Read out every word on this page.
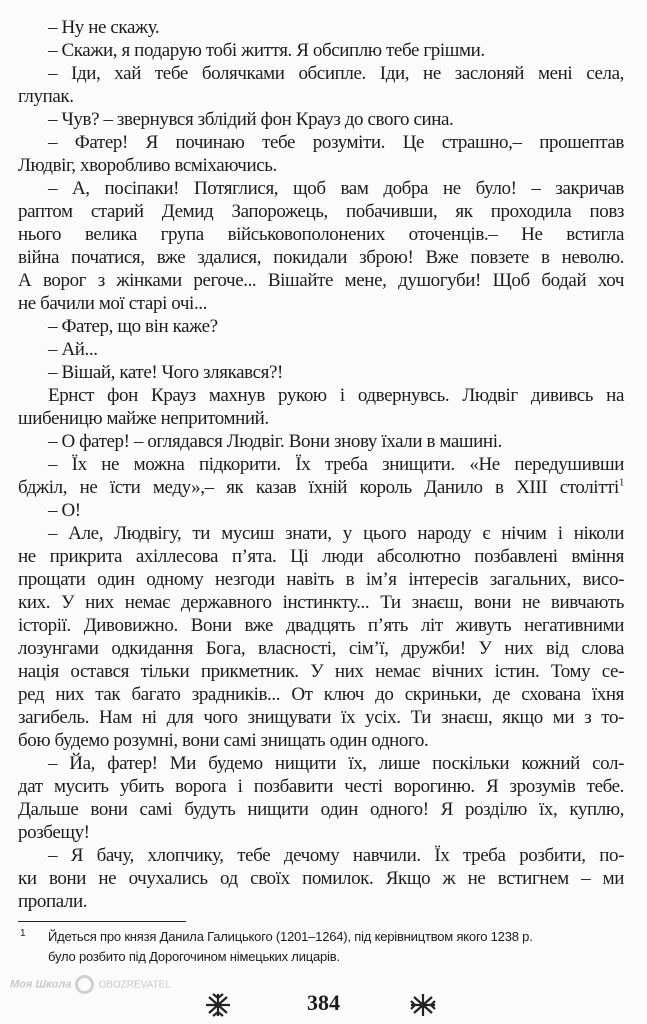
– Ну не скажу.
– Скажи, я подарую тобі життя. Я обсиплю тебе грішми.
– Іди, хай тебе болячками обсипле. Іди, не заслоняй мені села,
глупак.
– Чув? – звернувся зблідий фон Крауз до свого сина.
– Фатер! Я починаю тебе розуміти. Це страшно,– прошептав
Людвіг, хворобливо всміхаючись.
– А, посіпаки! Потяглися, щоб вам добра не було! – закричав
раптом старий Демид Запорожець, побачивши, як проходила повз
нього велика група військовополонених оточенців.– Не встигла
війна початися, вже здалися, покидали зброю! Вже повзете в неволю.
А ворог з жінками регоче... Вішайте мене, душогуби! Щоб бодай хоч
не бачили мої старі очі...
– Фатер, що він каже?
– Ай...
– Вішай, кате! Чого злякався?!
Ернст фон Крауз махнув рукою і одвернувсь. Людвіг дививсь на
шибеницю майже непритомний.
– О фатер! – оглядався Людвіг. Вони знову їхали в машині.
– Їх не можна підкорити. Їх треба знищити. «Не передушивши
бджіл, не їсти меду»,– як казав їхній король Данило в XIII столітті$^1$
– О!
– Але, Людвігу, ти мусиш знати, у цього народу є нічим і ніколи
не прикрита ахіллесова п’ята. Ці люди абсолютно позбавлені вміння
прощати один одному незгоди навіть в ім’я інтересів загальних, висо-
ких. У них немає державного інстинкту... Ти знаєш, вони не вивчають
історії. Дивовижно. Вони вже двадцять п’ять літ живуть негативними
лозунгами одкидання Бога, власності, сім’ї, дружби! У них від слова
нація остався тільки прикметник. У них немає вічних істин. Тому се-
ред них так багато зрадників... От ключ до скриньки, де схована їхня
загибель. Нам ні для чого знищувати їх усіх. Ти знаєш, якщо ми з то-
бою будемо розумні, вони самі знищать один одного.
– Йа, фатер! Ми будемо нищити їх, лише поскільки кожний сол-
дат мусить убить ворога і позбавити честі ворогиню. Я зрозумів тебе.
Дальше вони самі будуть нищити один одного! Я розділю їх, куплю,
розбещу!
– Я бачу, хлопчику, тебе дечому навчили. Їх треба розбити, по-
ки вони не очухались од своїх помилок. Якщо ж не встигнем – ми
пропали.
1	Йдеться про князя Данила Галицького (1201–1264), під керівництвом якого 1238 р.
було розбито під Дорогочином німецьких лицарів.
384
Моя Школа	OBOZREVATEL
